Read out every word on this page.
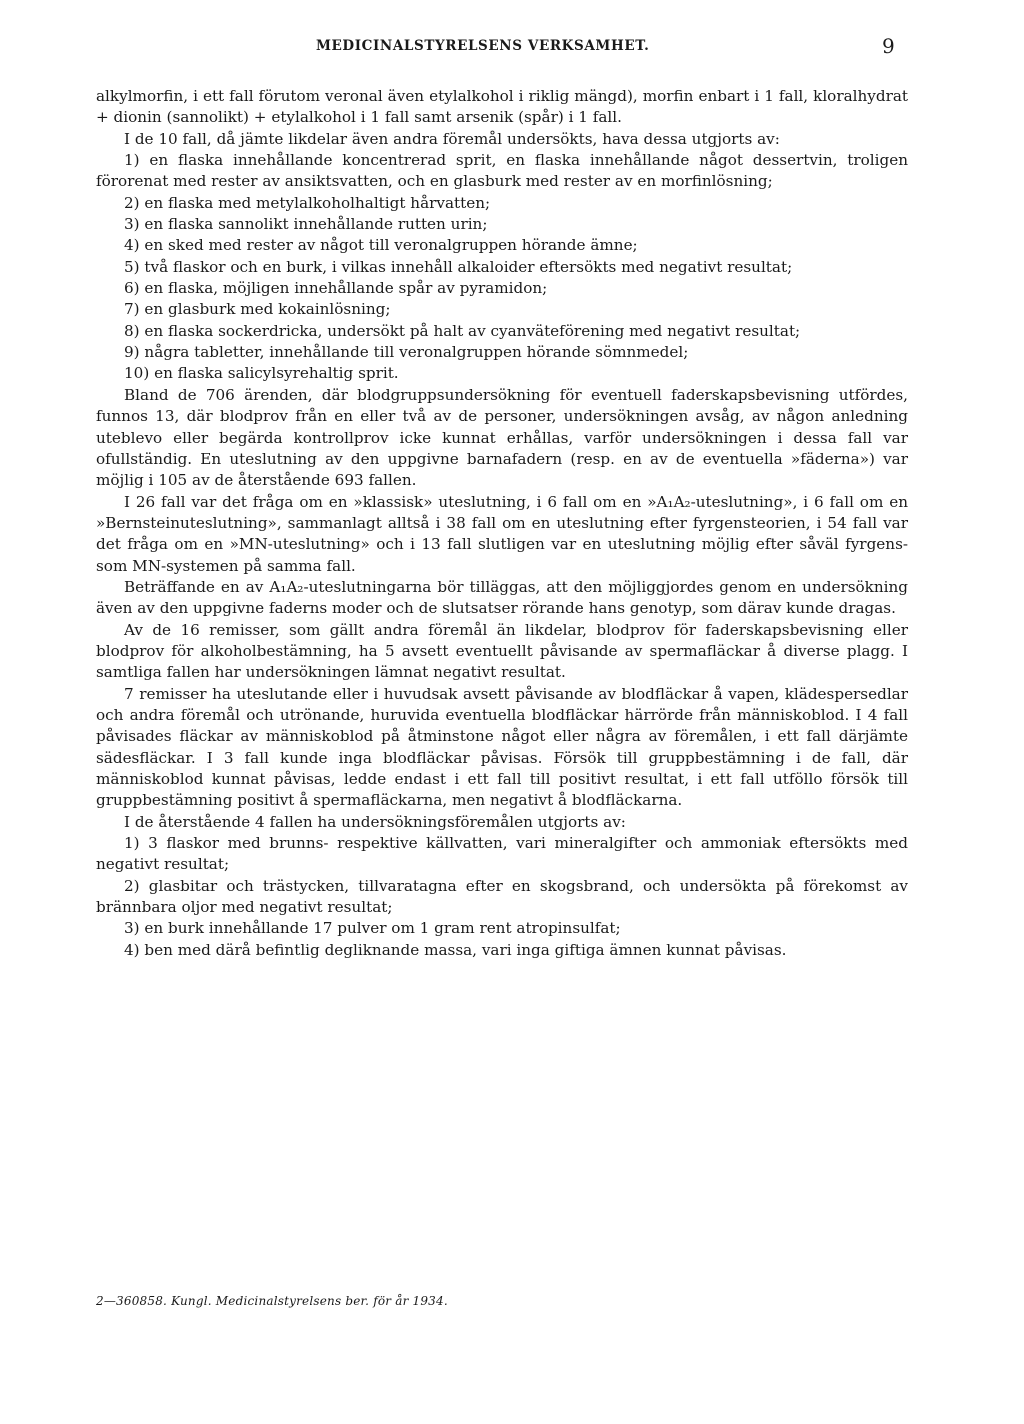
MEDICINALSTYRELSENS VERKSAMHET.	9

alkylmorfin, i ett fall förutom veronal även etylalkohol i riklig mängd), morfin enbart i 1 fall, kloralhydrat + dionin (sannolikt) + etylalkohol i 1 fall samt arsenik (spår) i 1 fall.

I de 10 fall, då jämte likdelar även andra föremål undersökts, hava dessa utgjorts av:

1) en flaska innehållande koncentrerad sprit, en flaska innehållande något dessertvin, troligen förorenat med rester av ansiktsvatten, och en glasburk med rester av en morfinlösning;

2) en flaska med metylalkoholhaltigt hårvatten;

3) en flaska sannolikt innehållande rutten urin;

4) en sked med rester av något till veronalgruppen hörande ämne;

5) två flaskor och en burk, i vilkas innehåll alkaloider eftersökts med negativt resultat;

6) en flaska, möjligen innehållande spår av pyramidon;

7) en glasburk med kokainlösning;

8) en flaska sockerdricka, undersökt på halt av cyanväteförening med negativt resultat;

9) några tabletter, innehållande till veronalgruppen hörande sömnmedel;

10) en flaska salicylsyrehaltig sprit.

Bland de 706 ärenden, där blodgruppsundersökning för eventuell faderskapsbevisning utfördes, funnos 13, där blodprov från en eller två av de personer, undersökningen avsåg, av någon anledning uteblevo eller begärda kontrollprov icke kunnat erhållas, varför undersökningen i dessa fall var ofullständig. En uteslutning av den uppgivne barnafadern (resp. en av de eventuella »fäderna») var möjlig i 105 av de återstående 693 fallen.

I 26 fall var det fråga om en »klassisk» uteslutning, i 6 fall om en »A₁A₂-uteslutning», i 6 fall om en »Bernsteinuteslutning», sammanlagt alltså i 38 fall om en uteslutning efter fyrgensteorien, i 54 fall var det fråga om en »MN-uteslutning» och i 13 fall slutligen var en uteslutning möjlig efter såväl fyrgens- som MN-systemen på samma fall.

Beträffande en av A₁A₂-uteslutningarna bör tilläggas, att den möjliggjordes genom en undersökning även av den uppgivne faderns moder och de slutsatser rörande hans genotyp, som därav kunde dragas.

Av de 16 remisser, som gällt andra föremål än likdelar, blodprov för faderskapsbevisning eller blodprov för alkoholbestämning, ha 5 avsett eventuellt påvisande av spermafläckar å diverse plagg. I samtliga fallen har undersökningen lämnat negativt resultat.

7 remisser ha uteslutande eller i huvudsak avsett påvisande av blodfläckar å vapen, klädespersedlar och andra föremål och utrönande, huruvida eventuella blodfläckar härrörde från människoblod. I 4 fall påvisades fläckar av människoblod på åtminstone något eller några av föremålen, i ett fall därjämte sädesfläckar. I 3 fall kunde inga blodfläckar påvisas. Försök till gruppbestämning i de fall, där människoblod kunnat påvisas, ledde endast i ett fall till positivt resultat, i ett fall utföllo försök till gruppbestämning positivt å spermafläckarna, men negativt å blodfläckarna.

I de återstående 4 fallen ha undersökningsföremålen utgjorts av:

1) 3 flaskor med brunns- respektive källvatten, vari mineralgifter och ammoniak eftersökts med negativt resultat;

2) glasbitar och trästycken, tillvaratagna efter en skogsbrand, och undersökta på förekomst av brännbara oljor med negativt resultat;

3) en burk innehållande 17 pulver om 1 gram rent atropinsulfat;

4) ben med därå befintlig degliknande massa, vari inga giftiga ämnen kunnat påvisas.

2—360858. Kungl. Medicinalstyrelsens ber. för år 1934.
